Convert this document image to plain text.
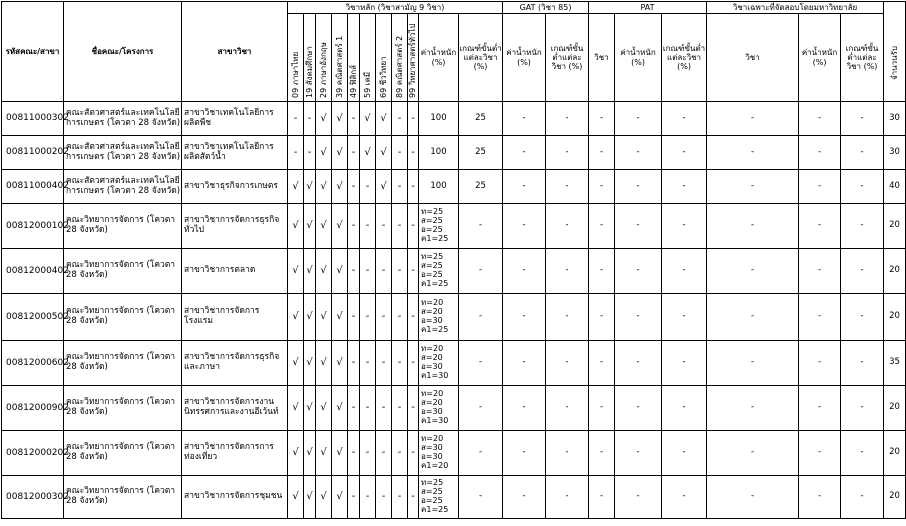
รหัสคณะ/สาขา	ชื่อคณะ/โครงการ	สาขาวิชา	วิชาหลัก (วิชาสามัญ 9 วิชา)											GAT (วิชา 85)		PAT			วิชาเฉพาะที่จัดสอบโดยมหาวิทยาลัย			จำนวนรับ
			09 ภาษาไทย	19 สังคมศึกษา	29 ภาษาอังกฤษ	39 คณิตศาสตร์ 1	49 ฟิสิกส์	59 เคมี	69 ชีววิทยา	89 คณิตศาสตร์ 2	99 วิทยาศาสตร์ทั่วไป	ค่าน้ำหนัก (%)	เกณฑ์ขั้นต่ำแต่ละวิชา (%)	ค่าน้ำหนัก (%)	เกณฑ์ขั้นต่ำแต่ละวิชา (%)	วิชา	ค่าน้ำหนัก (%)	เกณฑ์ขั้นต่ำแต่ละวิชา (%)	วิชา	ค่าน้ำหนัก (%)	เกณฑ์ขั้นต่ำแต่ละวิชา (%)	
00811000302	คณะสัตวศาสตร์และเทคโนโลยีการเกษตร (โควตา 28 จังหวัด)	สาขาวิชาเทคโนโลยีการผลิตพืช	-	-	√	√	-	√	√	-	-	100	25	-	-	-	-	-	-	-	-	30
00811000202	คณะสัตวศาสตร์และเทคโนโลยีการเกษตร (โควตา 28 จังหวัด)	สาขาวิชาเทคโนโลยีการผลิตสัตว์น้ำ	-	-	√	√	-	√	√	-	-	100	25	-	-	-	-	-	-	-	-	30
00811000402	คณะสัตวศาสตร์และเทคโนโลยีการเกษตร (โควตา 28 จังหวัด)	สาขาวิชาธุรกิจการเกษตร	√	√	√	√	-	-	√	-	-	100	25	-	-	-	-	-	-	-	-	40
00812000102	คณะวิทยาการจัดการ (โควตา 28 จังหวัด)	สาขาวิชาการจัดการธุรกิจทั่วไป	√	√	√	√	-	-	-	-	-	ท=25
ส=25
อ=25
ค1=25	-	-	-	-	-	-	-	-	-	20
00812000402	คณะวิทยาการจัดการ (โควตา 28 จังหวัด)	สาขาวิชาการตลาด	√	√	√	√	-	-	-	-	-	ท=25
ส=25
อ=25
ค1=25	-	-	-	-	-	-	-	-	-	20
00812000502	คณะวิทยาการจัดการ (โควตา 28 จังหวัด)	สาขาวิชาการจัดการโรงแรม	√	√	√	√	-	-	-	-	-	ท=20
ส=20
อ=30
ค1=25	-	-	-	-	-	-	-	-	-	20
00812000602	คณะวิทยาการจัดการ (โควตา 28 จังหวัด)	สาขาวิชาการจัดการธุรกิจและภาษา	√	√	√	√	-	-	-	-	-	ท=20
ส=20
อ=30
ค1=30	-	-	-	-	-	-	-	-	-	35
00812000902	คณะวิทยาการจัดการ (โควตา 28 จังหวัด)	สาขาวิชาการจัดการงานนิทรรศการและงานอีเว้นท์	√	√	√	√	-	-	-	-	-	ท=20
ส=20
อ=30
ค1=30	-	-	-	-	-	-	-	-	-	20
00812000202	คณะวิทยาการจัดการ (โควตา 28 จังหวัด)	สาขาวิชาการจัดการการท่องเที่ยว	√	√	√	√	-	-	-	-	-	ท=20
ส=30
อ=30
ค1=20	-	-	-	-	-	-	-	-	-	20
00812000302	คณะวิทยาการจัดการ (โควตา 28 จังหวัด)	สาขาวิชาการจัดการชุมชน	√	√	√	√	-	-	-	-	-	ท=25
ส=25
อ=25
ค1=25	-	-	-	-	-	-	-	-	-	20
